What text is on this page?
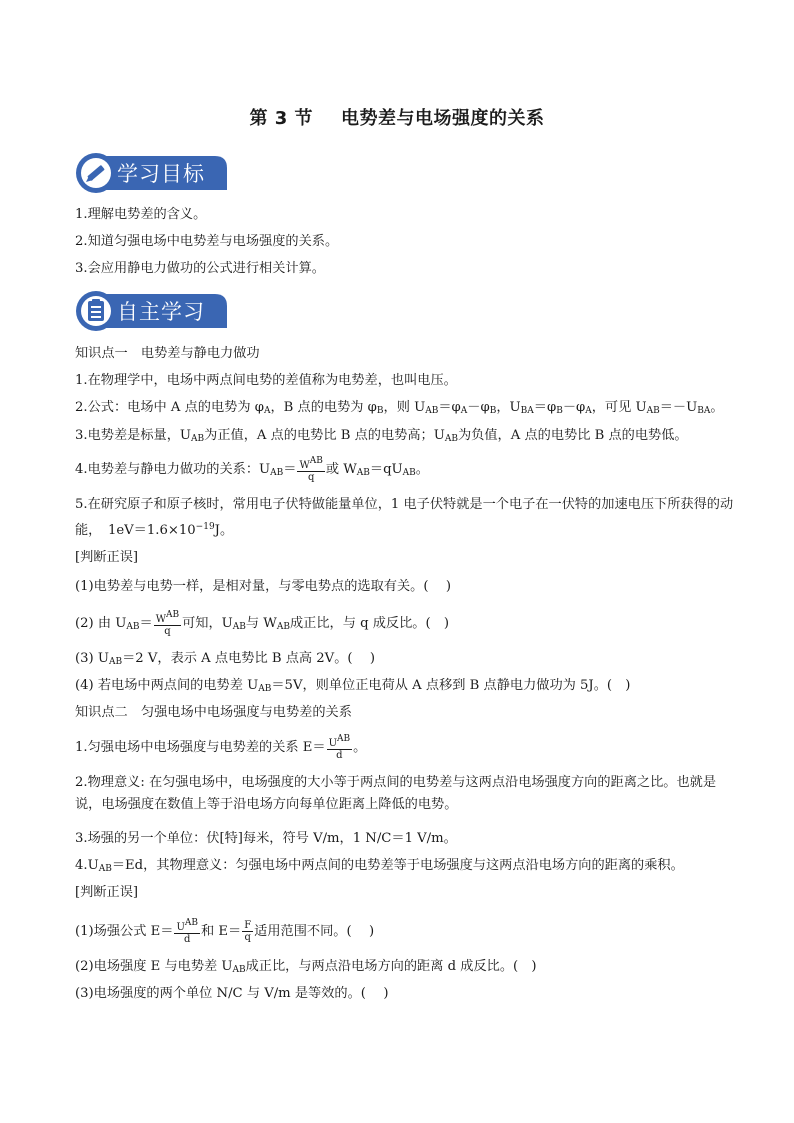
第 3 节 电势差与电场强度的关系
学习目标
1.理解电势差的含义。
2.知道匀强电场中电势差与电场强度的关系。
3.会应用静电力做功的公式进行相关计算。
自主学习
知识点一　电势差与静电力做功
1.在物理学中，电场中两点间电势的差值称为电势差，也叫电压。
2.公式：电场中 A 点的电势为 $\varphi_A$，B 点的电势为 $\varphi_B$，则 $U_{AB}=\varphi_A-\varphi_B$，$U_{BA}=\varphi_B-\varphi_A$，可见 $U_{AB}=-U_{BA}$。
3.电势差是标量，$U_{AB}$为正值，A 点的电势比 B 点的电势高；$U_{AB}$为负值，A 点的电势比 B 点的电势低。
4.电势差与静电力做功的关系：$U_{AB}= \frac{W^{AB}}{q}$ 或 $W_{AB}=qU_{AB}$。
5.在研究原子和原子核时，常用电子伏特做能量单位，1 电子伏特就是一个电子在一伏特的加速电压下所获得的动能，　$1eV=1.6\times 10^{-19}J$。
[判断正误]
(1)电势差与电势一样，是相对量，与零电势点的选取有关。(　 )
(2) 由 $U_{AB}= \frac{W^{AB}}{q}$ 可知，$U_{AB}$与 $W_{AB}$成正比，与 q 成反比。(　)
(3) $U_{AB}=2$ V，表示 A 点电势比 B 点高 2V。(　 )
(4) 若电场中两点间的电势差 $U_{AB}=5V$，则单位正电荷从 A 点移到 B 点静电力做功为 5J。(　)
知识点二　匀强电场中电场强度与电势差的关系
1.匀强电场中电场强度与电势差的关系 $E= \frac{U^{AB}}{d}$ 。
2.物理意义: 在匀强电场中，电场强度的大小等于两点间的电势差与这两点沿电场强度方向的距离之比。也就是说，电场强度在数值上等于沿电场方向每单位距离上降低的电势。
3.场强的另一个单位：伏[特]每米，符号 V/m，1 N/C＝1 V/m。
$4.U_{AB}=Ed$，其物理意义：匀强电场中两点间的电势差等于电场强度与这两点沿电场方向的距离的乘积。
[判断正误]
(1)场强公式 $E= \frac{U^{AB}}{d}$ 和 $E= \frac{F}{q}$ 适用范围不同。(　 )
(2)电场强度 E 与电势差 $U_{AB}$成正比，与两点沿电场方向的距离 d 成反比。(　)
(3)电场强度的两个单位 N/C 与 V/m 是等效的。(　 )
